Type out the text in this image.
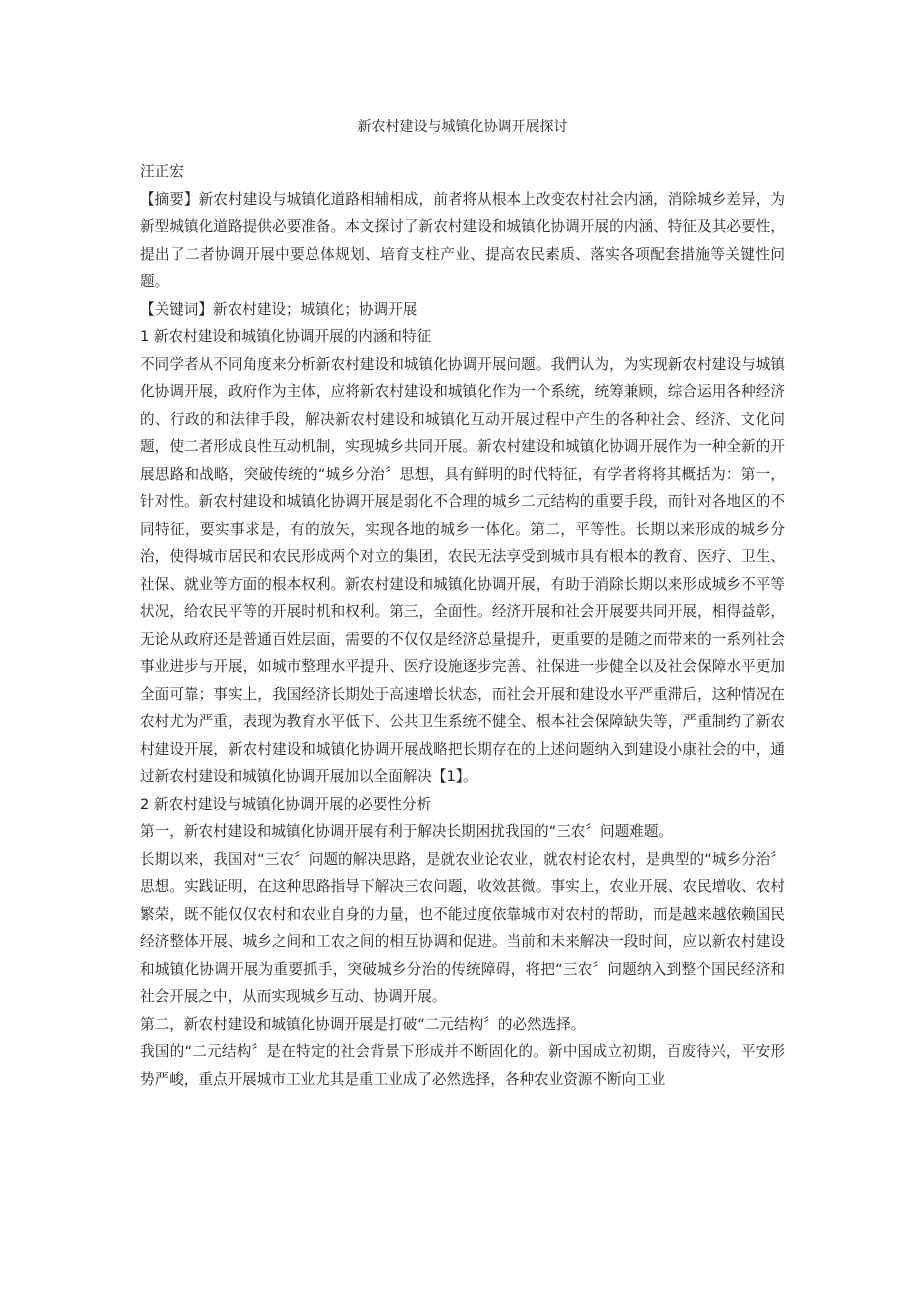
新农村建设与城镇化协调开展探讨

汪正宏

【摘要】新农村建设与城镇化道路相辅相成，前者将从根本上改变农村社会内涵，消除城乡差异，为新型城镇化道路提供必要准备。本文探讨了新农村建设和城镇化协调开展的内涵、特征及其必要性，提出了二者协调开展中要总体规划、培育支柱产业、提高农民素质、落实各项配套措施等关键性问题。

【关键词】新农村建设；城镇化；协调开展

1 新农村建设和城镇化协调开展的内涵和特征

不同学者从不同角度来分析新农村建设和城镇化协调开展问题。我們认为，为实现新农村建设与城镇化协调开展，政府作为主体，应将新农村建设和城镇化作为一个系统，统筹兼顾，综合运用各种经济的、行政的和法律手段，解决新农村建设和城镇化互动开展过程中产生的各种社会、经济、文化问题，使二者形成良性互动机制，实现城乡共同开展。新农村建设和城镇化协调开展作为一种全新的开展思路和战略，突破传统的“城乡分治〞思想，具有鲜明的时代特征，有学者将将其概括为：第一，针对性。新农村建设和城镇化协调开展是弱化不合理的城乡二元结构的重要手段，而针对各地区的不同特征，要实事求是，有的放矢，实现各地的城乡一体化。第二，平等性。长期以来形成的城乡分治，使得城市居民和农民形成两个对立的集团，农民无法享受到城市具有根本的教育、医疗、卫生、社保、就业等方面的根本权利。新农村建设和城镇化协调开展，有助于消除长期以来形成城乡不平等状况，给农民平等的开展时机和权利。第三，全面性。经济开展和社会开展要共同开展，相得益彰，无论从政府还是普通百姓层面，需要的不仅仅是经济总量提升，更重要的是随之而带来的一系列社会事业进步与开展，如城市整理水平提升、医疗设施逐步完善、社保进一步健全以及社会保障水平更加全面可靠；事实上，我国经济长期处于高速增长状态，而社会开展和建设水平严重滞后，这种情况在农村尤为严重，表现为教育水平低下、公共卫生系统不健全、根本社会保障缺失等，严重制约了新农村建设开展，新农村建设和城镇化协调开展战略把长期存在的上述问题纳入到建设小康社会的中，通过新农村建设和城镇化协调开展加以全面解决【1】。

2 新农村建设与城镇化协调开展的必要性分析

第一，新农村建设和城镇化协调开展有利于解决长期困扰我国的“三农〞问题难题。

长期以来，我国对“三农〞问题的解决思路，是就农业论农业，就农村论农村，是典型的“城乡分治〞思想。实践证明，在这种思路指导下解决三农问题，收效甚微。事实上，农业开展、农民增收、农村繁荣，既不能仅仅农村和农业自身的力量，也不能过度依靠城市对农村的帮助，而是越来越依赖国民经济整体开展、城乡之间和工农之间的相互协调和促进。当前和未来解决一段时间，应以新农村建设和城镇化协调开展为重要抓手，突破城乡分治的传统障碍，将把“三农〞问题纳入到整个国民经济和社会开展之中，从而实现城乡互动、协调开展。

第二，新农村建设和城镇化协调开展是打破“二元结构〞的必然选择。

我国的“二元结构〞是在特定的社会背景下形成并不断固化的。新中国成立初期，百废待兴，平安形势严峻，重点开展城市工业尤其是重工业成了必然选择，各种农业资源不断向工业
